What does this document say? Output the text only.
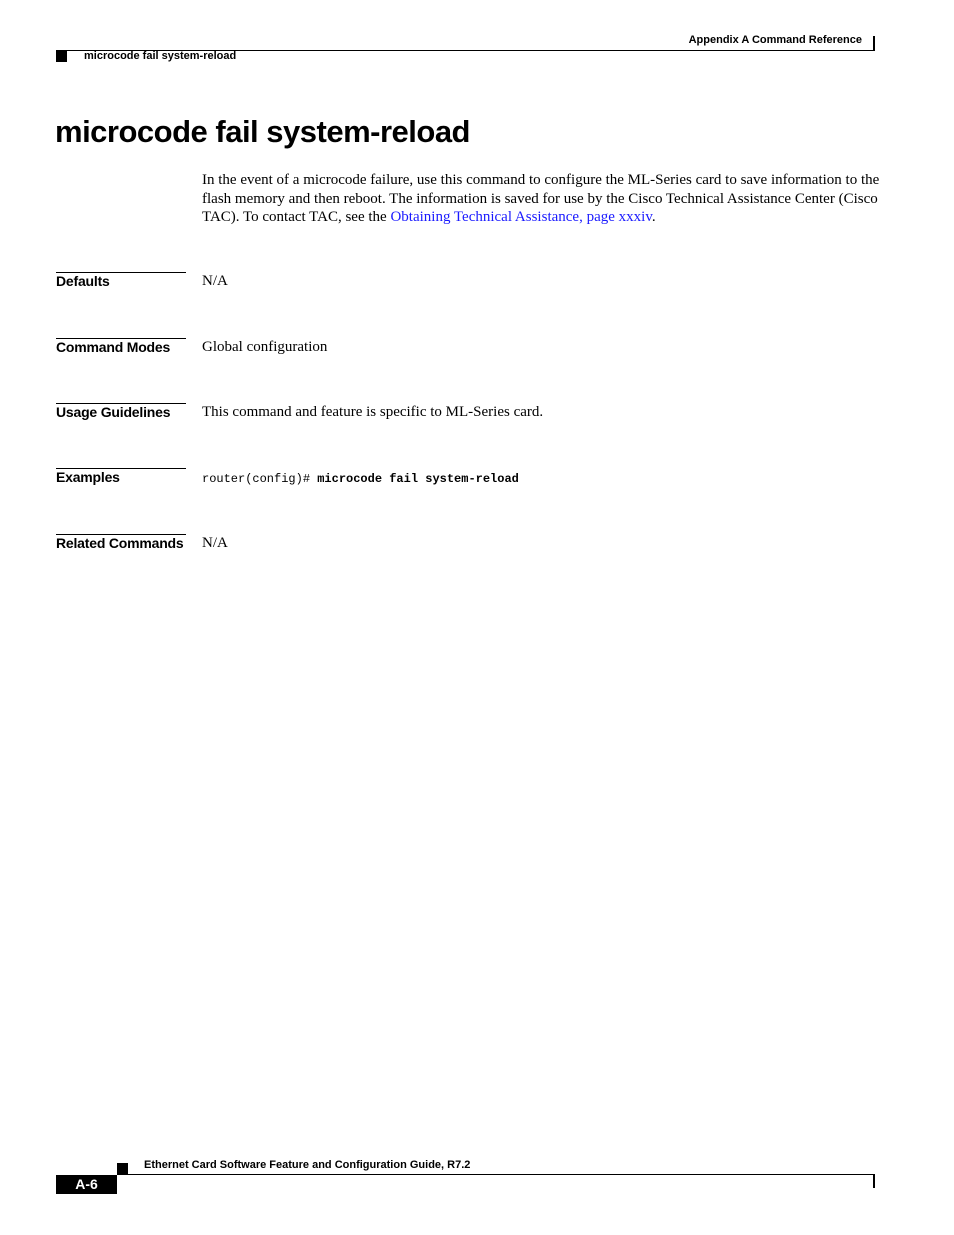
Appendix A Command Reference
microcode fail system-reload
microcode fail system-reload

In the event of a microcode failure, use this command to configure the ML-Series card to save information to the flash memory and then reboot. The information is saved for use by the Cisco Technical Assistance Center (Cisco TAC). To contact TAC, see the Obtaining Technical Assistance, page xxxiv.

Defaults	N/A
Command Modes Global configuration
Usage Guidelines This command and feature is specific to ML-Series card.
Examples	router(config)# microcode fail system-reload
Related Commands N/A
Ethernet Card Software Feature and Configuration Guide, R7.2
A-6
